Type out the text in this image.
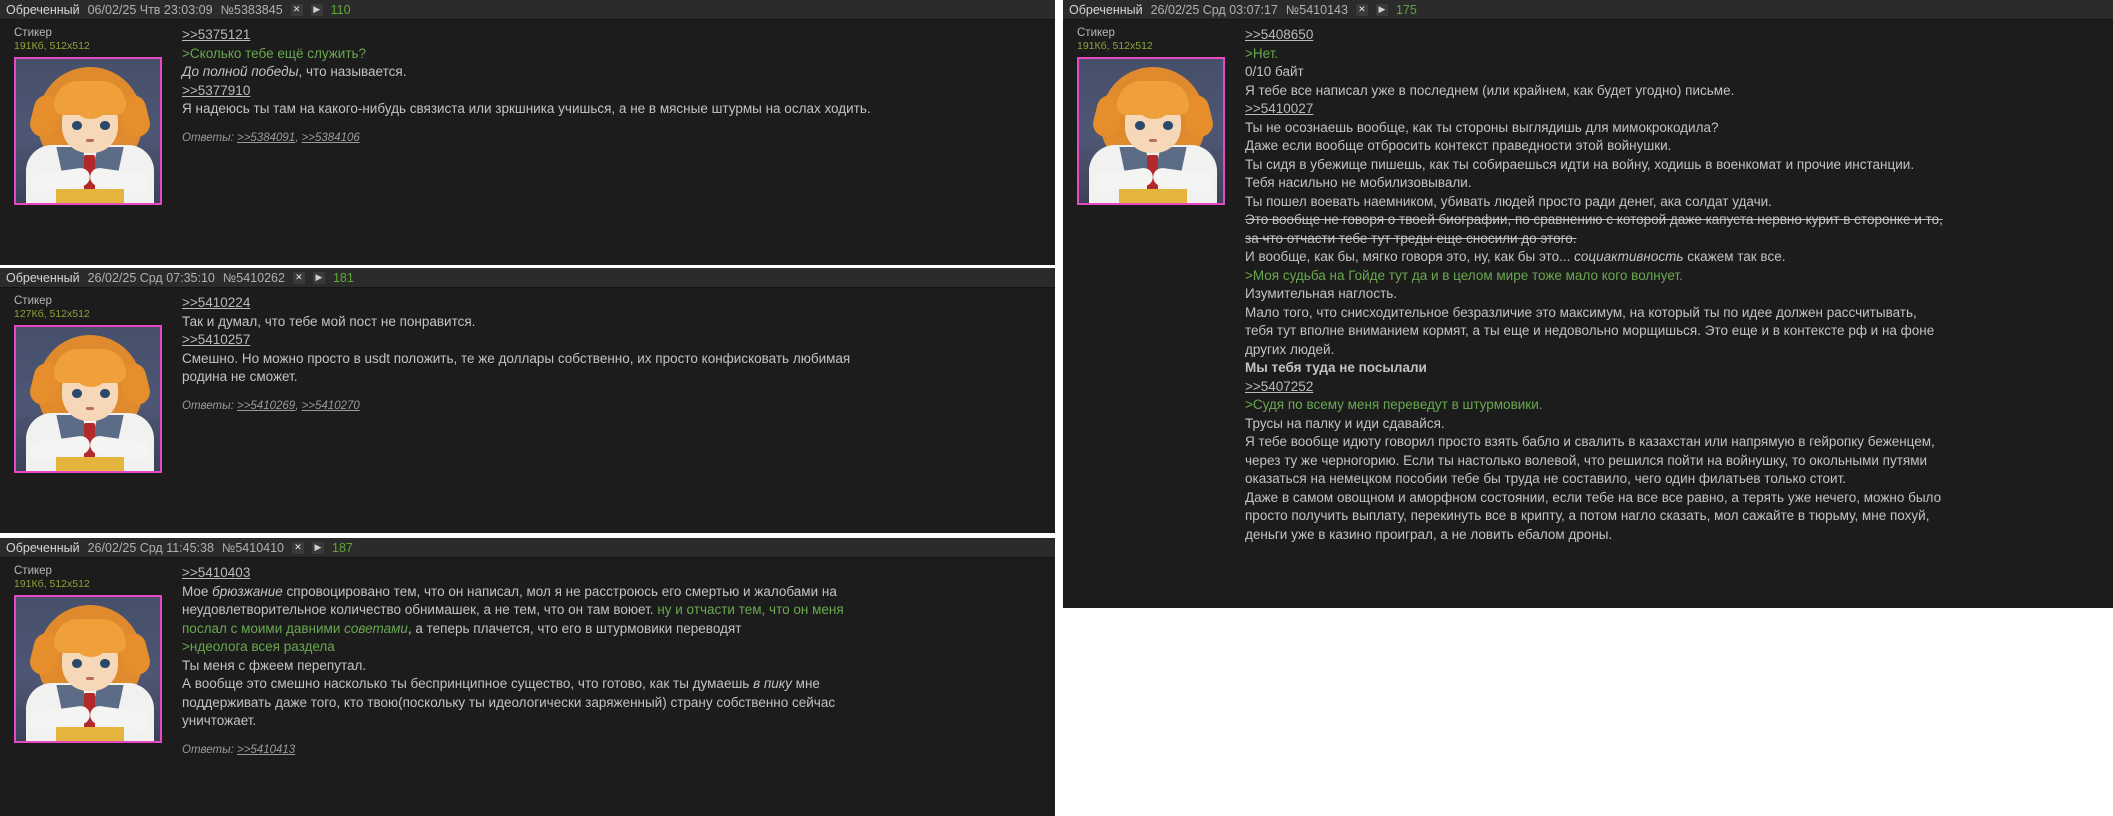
Обреченный 06/02/25 Чтв 23:03:09 №5383845 ✕ ▶ 110
Стикер
191Кб, 512x512
>>5375121
>Сколько тебе ещё служить?
До полной победы, что называется.
>>5377910
Я надеюсь ты там на какого-нибудь связиста или зркшника учишься, а не в мясные штурмы на ослах ходить.
Ответы: >>5384091, >>5384106
Обреченный 26/02/25 Срд 07:35:10 №5410262 ✕ ▶ 181
Стикер
127Кб, 512x512
>>5410224
Так и думал, что тебе мой пост не понравится.
>>5410257
Смешно. Но можно просто в usdt положить, те же доллары собственно, их просто конфисковать любимая
родина не сможет.
Ответы: >>5410269, >>5410270
Обреченный 26/02/25 Срд 11:45:38 №5410410 ✕ ▶ 187
Стикер
191Кб, 512x512
>>5410403
Мое брюзжание спровоцировано тем, что он написал, мол я не расстроюсь его смертью и жалобами на
неудовлетворительное количество обнимашек, а не тем, что он там воюет. ну и отчасти тем, что он меня
послал с моими давними советами, а теперь плачется, что его в штурмовики переводят
>ндеолога всея раздела
Ты меня с фжеем перепутал.
А вообще это смешно насколько ты беспринципное существо, что готово, как ты думаешь в пику мне
поддерживать даже того, кто твою(поскольку ты идеологически заряженный) страну собственно сейчас
уничтожает.
Ответы: >>5410413
Обреченный 26/02/25 Срд 03:07:17 №5410143 ✕ ▶ 175
Стикер
191Кб, 512x512
>>5408650
>Нет.
0/10 байт
Я тебе все написал уже в последнем (или крайнем, как будет угодно) письме.
>>5410027
Ты не осознаешь вообще, как ты стороны выглядишь для мимокрокодила?
Даже если вообще отбросить контекст праведности этой войнушки.
Ты сидя в убежище пишешь, как ты собираешься идти на войну, ходишь в военкомат и прочие инстанции.
Тебя насильно не мобилизовывали.
Ты пошел воевать наемником, убивать людей просто ради денег, ака солдат удачи.
Это вообще не говоря о твоей биографии, по сравнению с которой даже капуста нервно курит в сторонке и то,
за что отчасти тебе тут треды еще сносили до этого.
И вообще, как бы, мягко говоря это, ну, как бы это... социактивность скажем так все.
>Моя судьба на Гойде тут да и в целом мире тоже мало кого волнует.
Изумительная наглость.
Мало того, что снисходительное безразличие это максимум, на который ты по идее должен рассчитывать,
тебя тут вполне вниманием кормят, а ты еще и недовольно морщишься. Это еще и в контексте рф и на фоне
других людей.
Мы тебя туда не посылали
>>5407252
>Судя по всему меня переведут в штурмовики.
Трусы на палку и иди сдавайся.
Я тебе вообще идюту говорил просто взять бабло и свалить в казахстан или напрямую в гейропку беженцем,
через ту же черногорию. Если ты настолько волевой, что решился пойти на войнушку, то окольными путями
оказаться на немецком пособии тебе бы труда не составило, чего один филатьев только стоит.
Даже в самом овощном и аморфном состоянии, если тебе на все все равно, а терять уже нечего, можно было
просто получить выплату, перекинуть все в крипту, а потом нагло сказать, мол сажайте в тюрьму, мне похуй,
деньги уже в казино проиграл, а не ловить ебалом дроны.
